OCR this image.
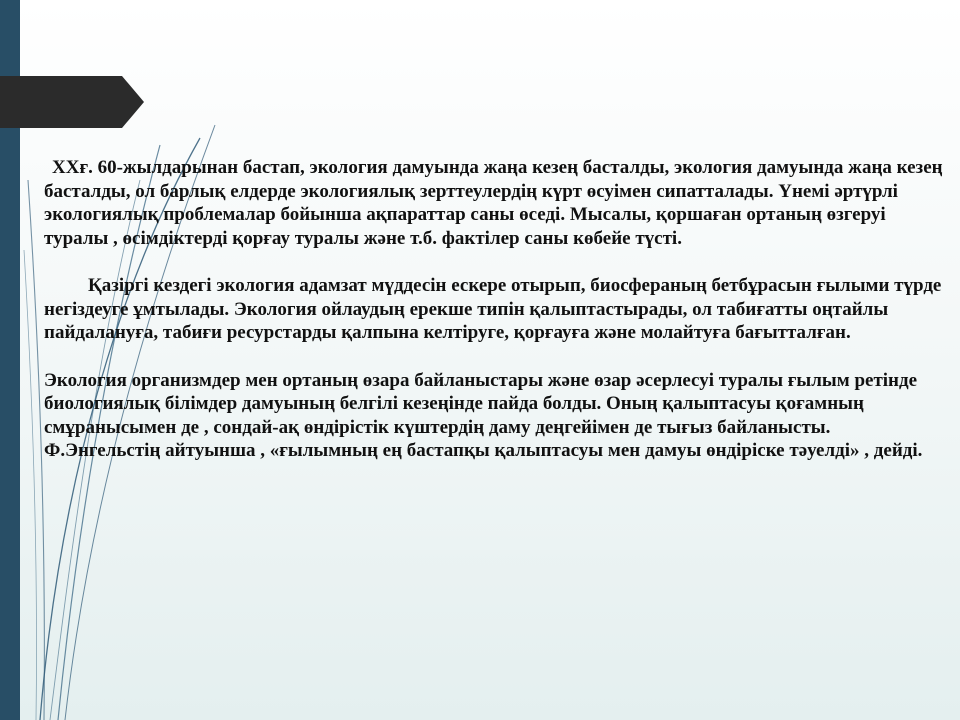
ХХғ. 60-жылдарынан бастап, экология дамуында жаңа кезең басталды, экология дамуында жаңа кезең басталды, ол барлық елдерде экологиялық зерттеулердің күрт өсуімен сипатталады. Үнемі әртүрлі экологиялық проблемалар бойынша ақпараттар саны өседі. Мысалы, қоршаған ортаның өзгеруі туралы , өсімдіктерді қорғау туралы және т.б. фактілер саны көбейе түсті.

Қазіргі кездегі экология адамзат мүддесін ескере отырып, биосфераның бетбұрасын ғылыми түрде негіздеуге ұмтылады. Экология ойлаудың ерекше типін қалыптастырады, ол табиғатты оңтайлы пайдалануға, табиғи ресурстарды қалпына келтіруге, қорғауға және молайтуға бағытталған.

Экология организмдер мен ортаның өзара байланыстары және өзар әсерлесуі туралы ғылым ретінде биологиялық білімдер дамуының белгілі кезеңінде пайда болды. Оның қалыптасуы қоғамның смұранысымен де , сондай-ақ өндірістік күштердің даму деңгейімен де тығыз байланысты. Ф.Энгельстің айтуынша , «ғылымның ең бастапқы қалыптасуы мен дамуы өндіріске тәуелді» , дейді.
